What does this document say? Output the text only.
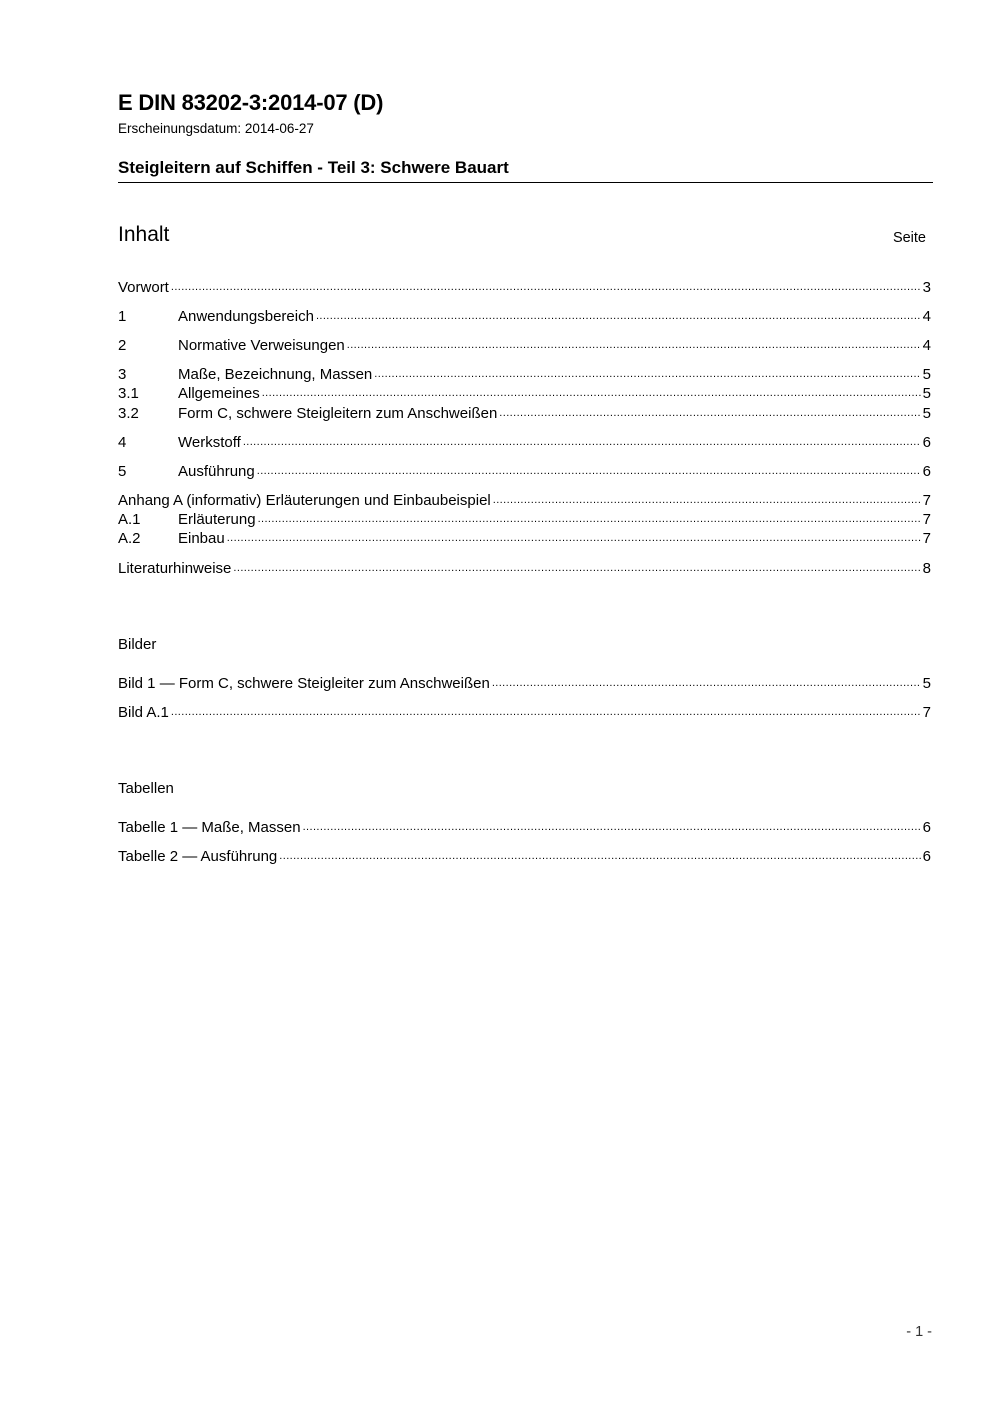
E DIN 83202-3:2014-07 (D)
Erscheinungsdatum: 2014-06-27
Steigleitern auf Schiffen - Teil 3: Schwere Bauart
Inhalt	Seite
Vorwort .....	3
1	Anwendungsbereich .....	4
2	Normative Verweisungen .....	4
3	Maße, Bezeichnung, Massen .....	5
3.1	Allgemeines .....	5
3.2	Form C, schwere Steigleitern zum Anschweißen .....	5
4	Werkstoff .....	6
5	Ausführung .....	6
Anhang A (informativ) Erläuterungen und Einbaubeispiel .....	7
A.1	Erläuterung .....	7
A.2	Einbau .....	7
Literaturhinweise .....	8
Bilder
Bild 1 — Form C, schwere Steigleiter zum Anschweißen .....	5
Bild A.1 .....	7
Tabellen
Tabelle 1 — Maße, Massen .....	6
Tabelle 2 — Ausführung .....	6
- 1 -
